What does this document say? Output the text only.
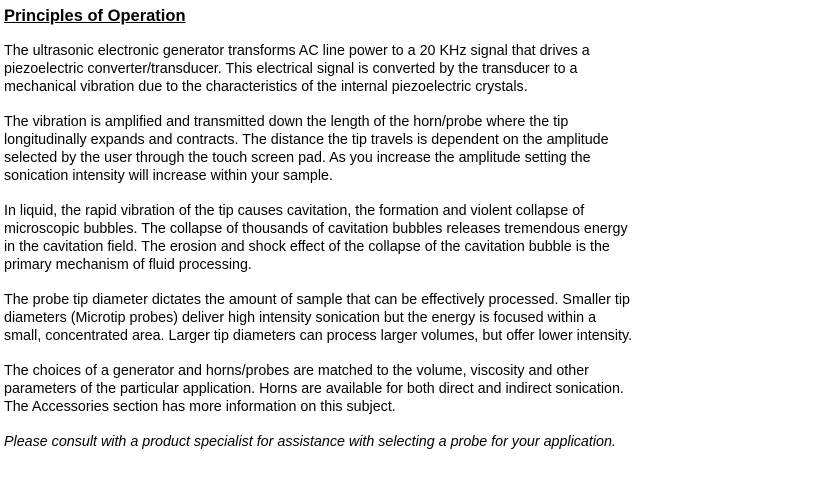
Principles of Operation
The ultrasonic electronic generator transforms AC line power to a 20 KHz signal that drives a
piezoelectric converter/transducer. This electrical signal is converted by the transducer to a
mechanical vibration due to the characteristics of the internal piezoelectric crystals.
The vibration is amplified and transmitted down the length of the horn/probe where the tip
longitudinally expands and contracts. The distance the tip travels is dependent on the amplitude
selected by the user through the touch screen pad. As you increase the amplitude setting the
sonication intensity will increase within your sample.
In liquid, the rapid vibration of the tip causes cavitation, the formation and violent collapse of
microscopic bubbles. The collapse of thousands of cavitation bubbles releases tremendous energy
in the cavitation field. The erosion and shock effect of the collapse of the cavitation bubble is the
primary mechanism of fluid processing.
The probe tip diameter dictates the amount of sample that can be effectively processed. Smaller tip
diameters (Microtip probes) deliver high intensity sonication but the energy is focused within a
small, concentrated area. Larger tip diameters can process larger volumes, but offer lower intensity.
The choices of a generator and horns/probes are matched to the volume, viscosity and other
parameters of the particular application. Horns are available for both direct and indirect sonication.
The Accessories section has more information on this subject.
Please consult with a product specialist for assistance with selecting a probe for your application.
